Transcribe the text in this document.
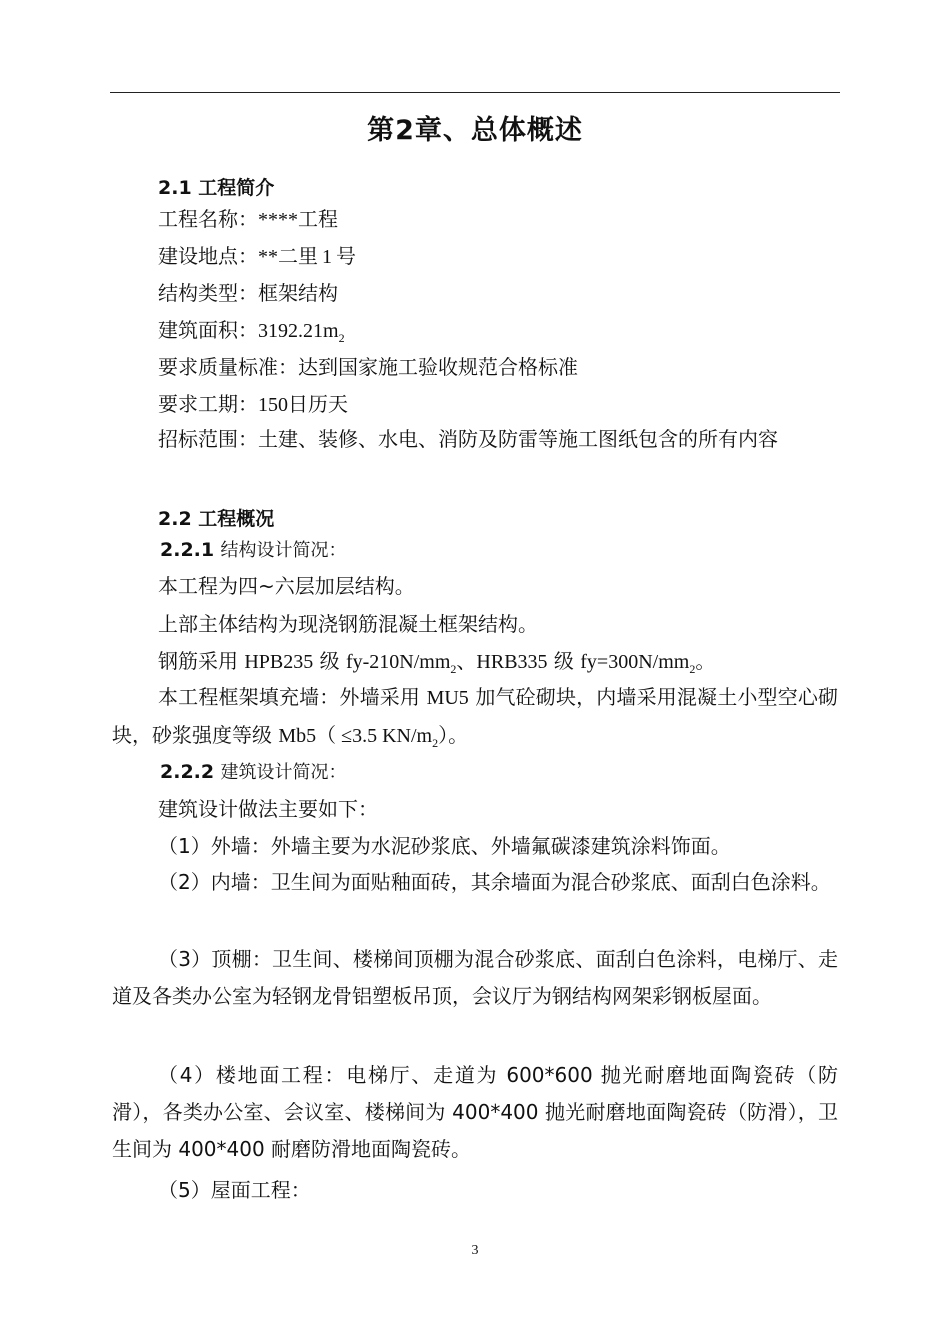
第2章、总体概述
2.1 工程简介
工程名称：****工程
建设地点：**二里 1 号
结构类型：框架结构
建筑面积：$3192.21m_2$
要求质量标准：达到国家施工验收规范合格标准
要求工期：150日历天
招标范围：土建、装修、水电、消防及防雷等施工图纸包含的所有内容
2.2 工程概况
2.2.1 结构设计简况：
本工程为四~六层加层结构。
上部主体结构为现浇钢筋混凝土框架结构。
钢筋采用 HPB235 级 $fy-210N/mm_2$、HRB335 级 $fy=300N/mm_2$。
本工程框架填充墙：外墙采用 MU5 加气砼砌块，内墙采用混凝土小型空心砌块，砂浆强度等级 Mb5（ ≤3.5 $KN/m_2$）。
2.2.2 建筑设计简况：
建筑设计做法主要如下：
（1）外墙：外墙主要为水泥砂浆底、外墙氟碳漆建筑涂料饰面。
（2）内墙：卫生间为面贴釉面砖，其余墙面为混合砂浆底、面刮白色涂料。
（3）顶棚：卫生间、楼梯间顶棚为混合砂浆底、面刮白色涂料，电梯厅、走道及各类办公室为轻钢龙骨铝塑板吊顶，会议厅为钢结构网架彩钢板屋面。
（4）楼地面工程：电梯厅、走道为 600*600 抛光耐磨地面陶瓷砖（防滑），各类办公室、会议室、楼梯间为 400*400 抛光耐磨地面陶瓷砖（防滑），卫生间为 400*400 耐磨防滑地面陶瓷砖。
（5）屋面工程：
3
